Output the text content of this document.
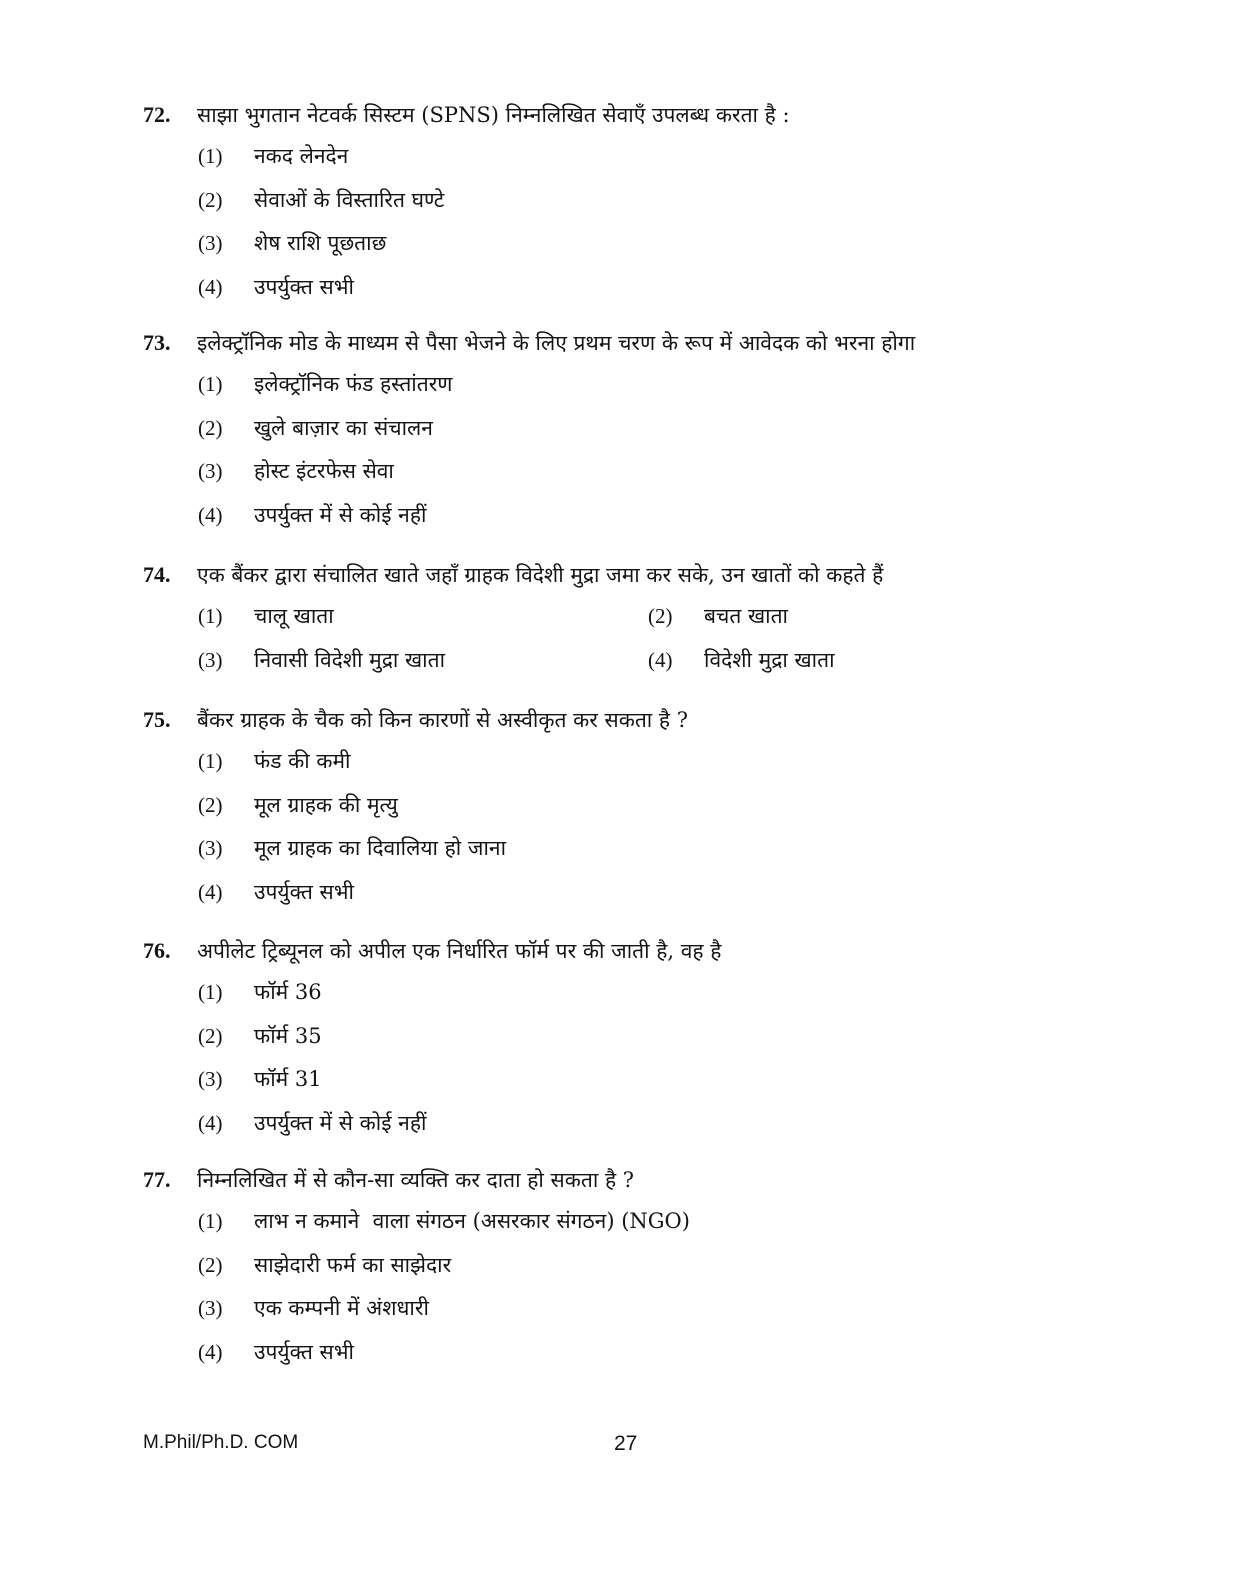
72. साझा भुगतान नेटवर्क सिस्टम (SPNS) निम्नलिखित सेवाएँ उपलब्ध करता है :
(1) नकद लेनदेन
(2) सेवाओं के विस्तारित घण्टे
(3) शेष राशि पूछताछ
(4) उपर्युक्त सभी
73. इलेक्ट्रॉनिक मोड के माध्यम से पैसा भेजने के लिए प्रथम चरण के रूप में आवेदक को भरना होगा
(1) इलेक्ट्रॉनिक फंड हस्तांतरण
(2) खुले बाज़ार का संचालन
(3) होस्ट इंटरफेस सेवा
(4) उपर्युक्त में से कोई नहीं
74. एक बैंकर द्वारा संचालित खाते जहाँ ग्राहक विदेशी मुद्रा जमा कर सके, उन खातों को कहते हैं
(1) चालू खाता	(2) बचत खाता
(3) निवासी विदेशी मुद्रा खाता	(4) विदेशी मुद्रा खाता
75. बैंकर ग्राहक के चैक को किन कारणों से अस्वीकृत कर सकता है ?
(1) फंड की कमी
(2) मूल ग्राहक की मृत्यु
(3) मूल ग्राहक का दिवालिया हो जाना
(4) उपर्युक्त सभी
76. अपीलेट ट्रिब्यूनल को अपील एक निर्धारित फॉर्म पर की जाती है, वह है
(1) फॉर्म 36
(2) फॉर्म 35
(3) फॉर्म 31
(4) उपर्युक्त में से कोई नहीं
77. निम्नलिखित में से कौन-सा व्यक्ति कर दाता हो सकता है ?
(1) लाभ न कमाने  वाला संगठन (असरकार संगठन) (NGO)
(2) साझेदारी फर्म का साझेदार
(3) एक कम्पनी में अंशधारी
(4) उपर्युक्त सभी
M.Phil/Ph.D. COM	27
